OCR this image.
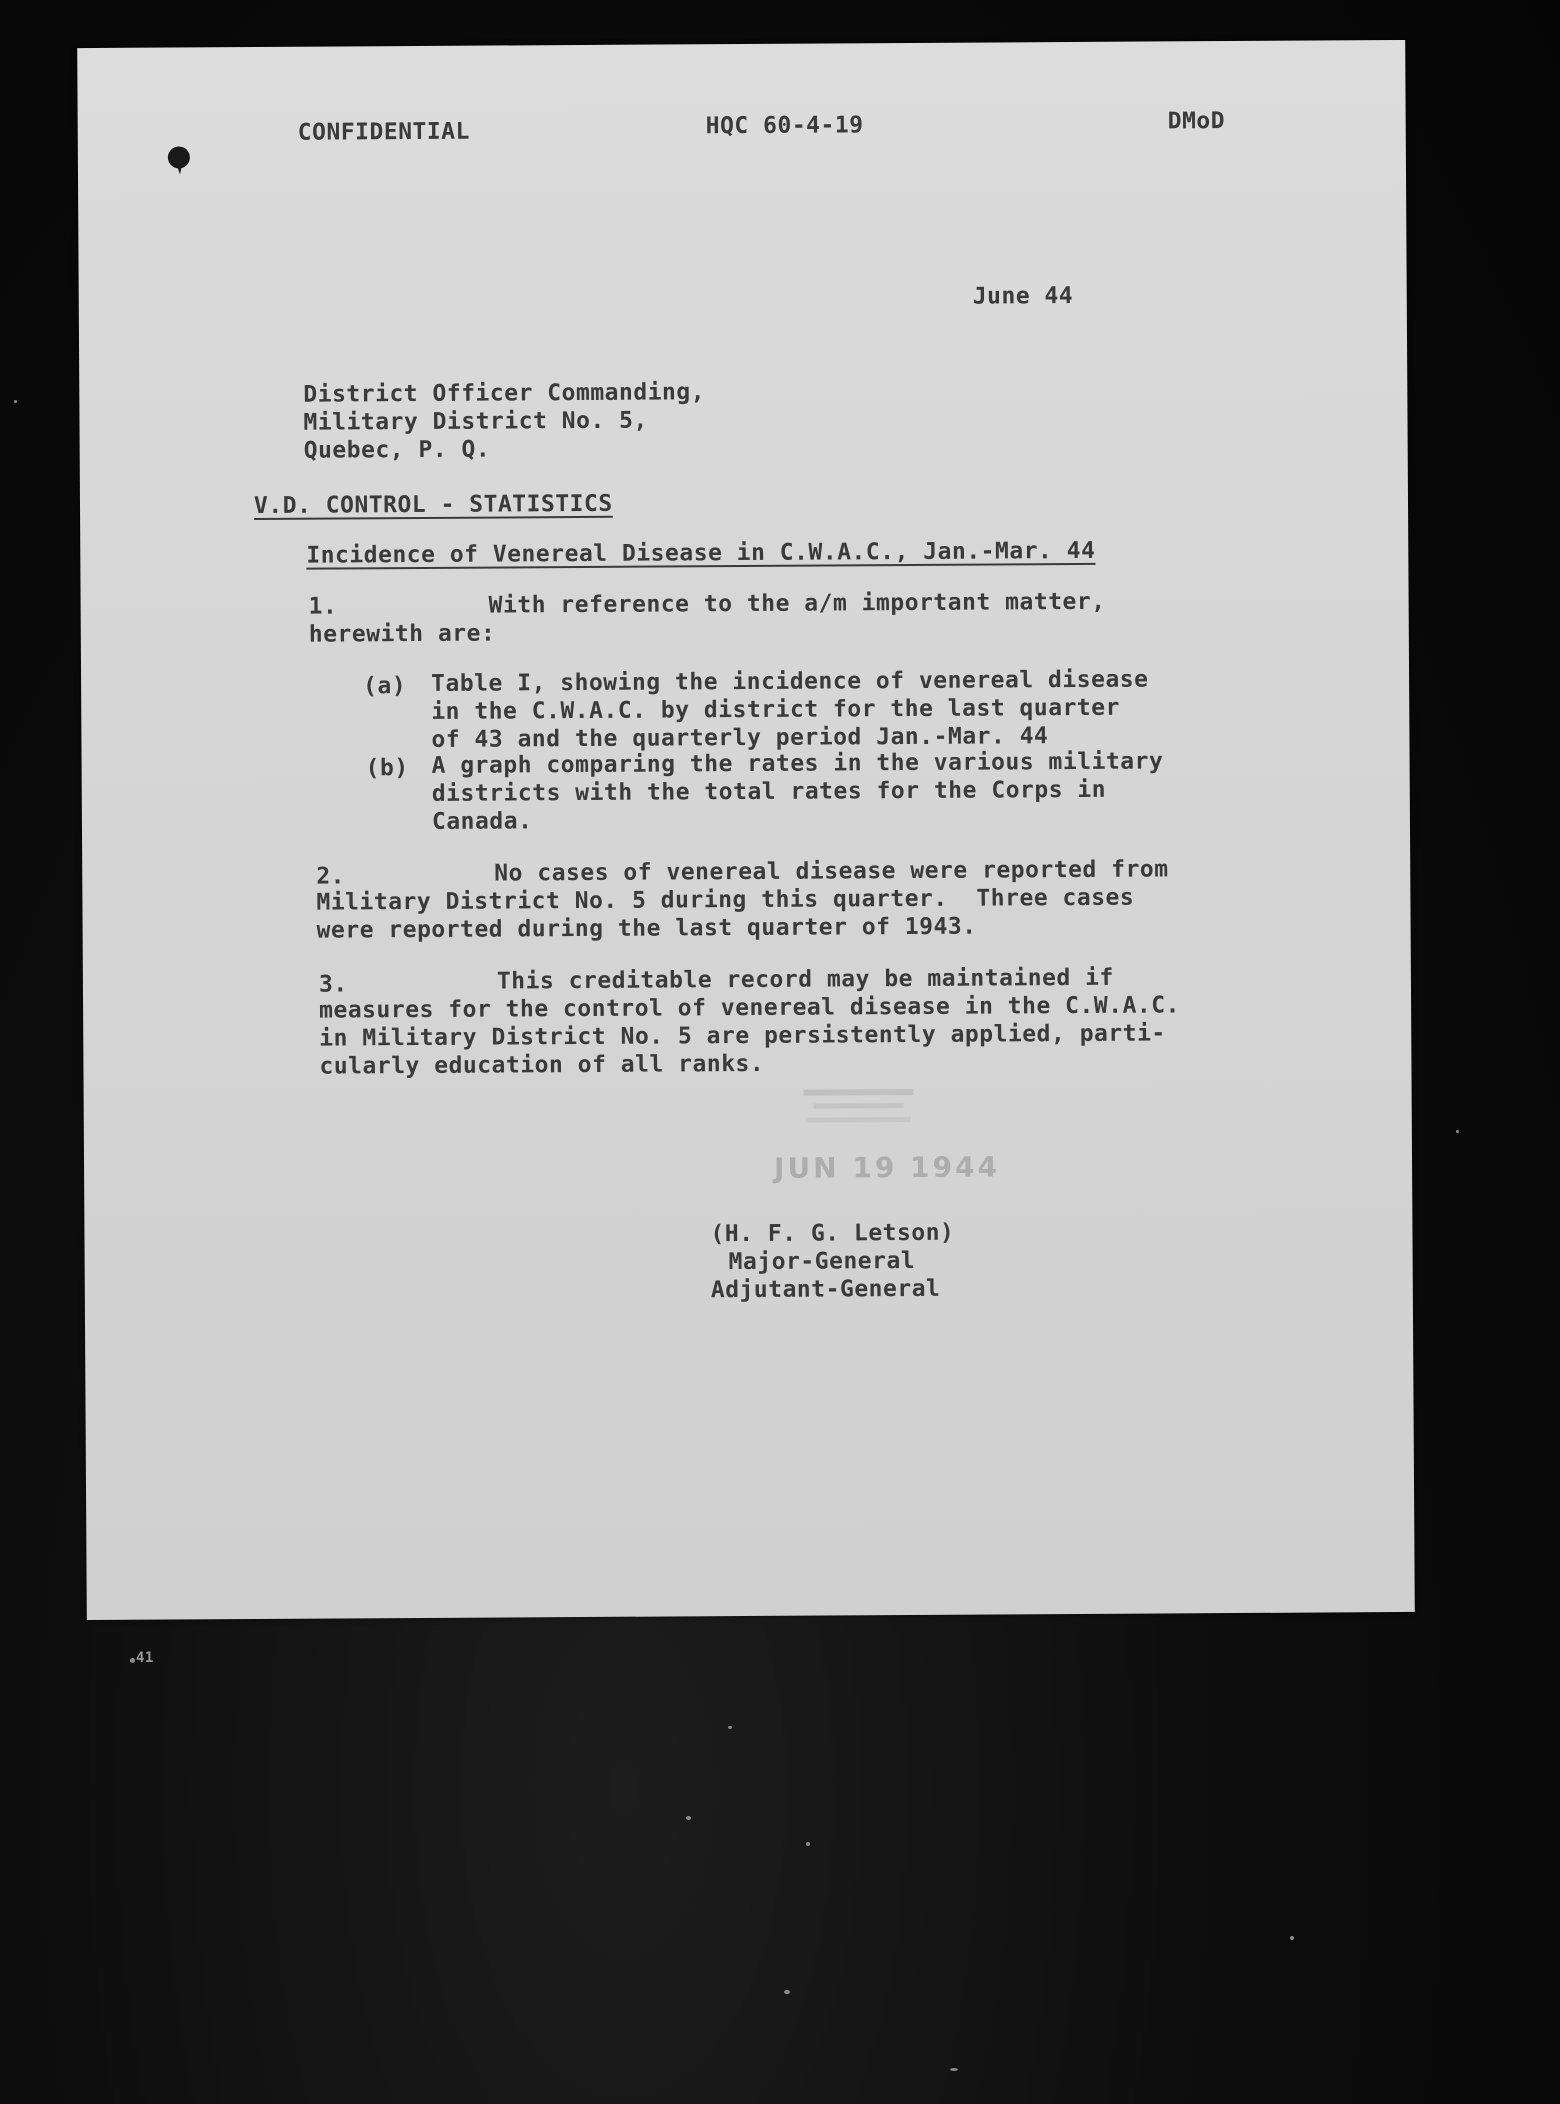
CONFIDENTIAL	HQC 60-4-19	DMoD
June 44
District Officer Commanding,
Military District No. 5,
Quebec, P. Q.
V.D. CONTROL - STATISTICS
Incidence of Venereal Disease in C.W.A.C., Jan.-Mar. 44
1.	With reference to the a/m important matter,
herewith are:
(a) Table I, showing the incidence of venereal disease
in the C.W.A.C. by district for the last quarter
of 43 and the quarterly period Jan.-Mar. 44
(b) A graph comparing the rates in the various military
districts with the total rates for the Corps in
Canada.
2.	No cases of venereal disease were reported from
Military District No. 5 during this quarter.  Three cases
were reported during the last quarter of 1943.
3.	This creditable record may be maintained if
measures for the control of venereal disease in the C.W.A.C.
in Military District No. 5 are persistently applied, parti-
cularly education of all ranks.
JUN 19 1944
(H. F. G. Letson)
Major-General
Adjutant-General
41
